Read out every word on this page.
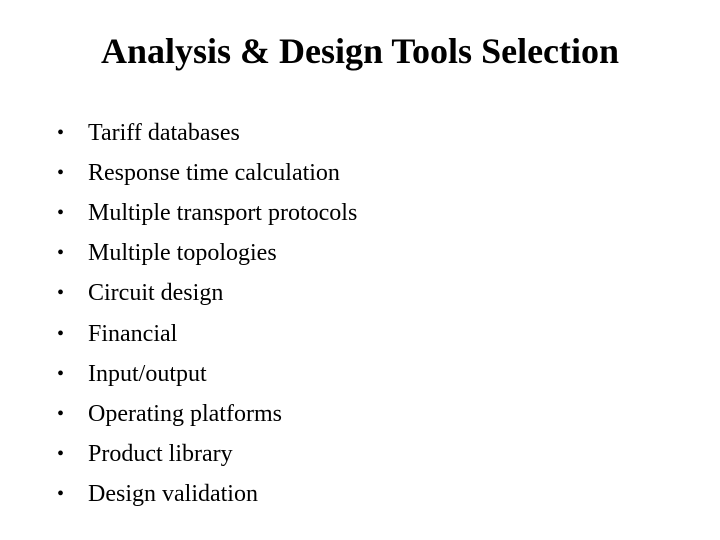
Analysis & Design Tools Selection
• Tariff databases
• Response time calculation
• Multiple transport protocols
• Multiple topologies
• Circuit design
• Financial
• Input/output
• Operating platforms
• Product library
• Design validation
